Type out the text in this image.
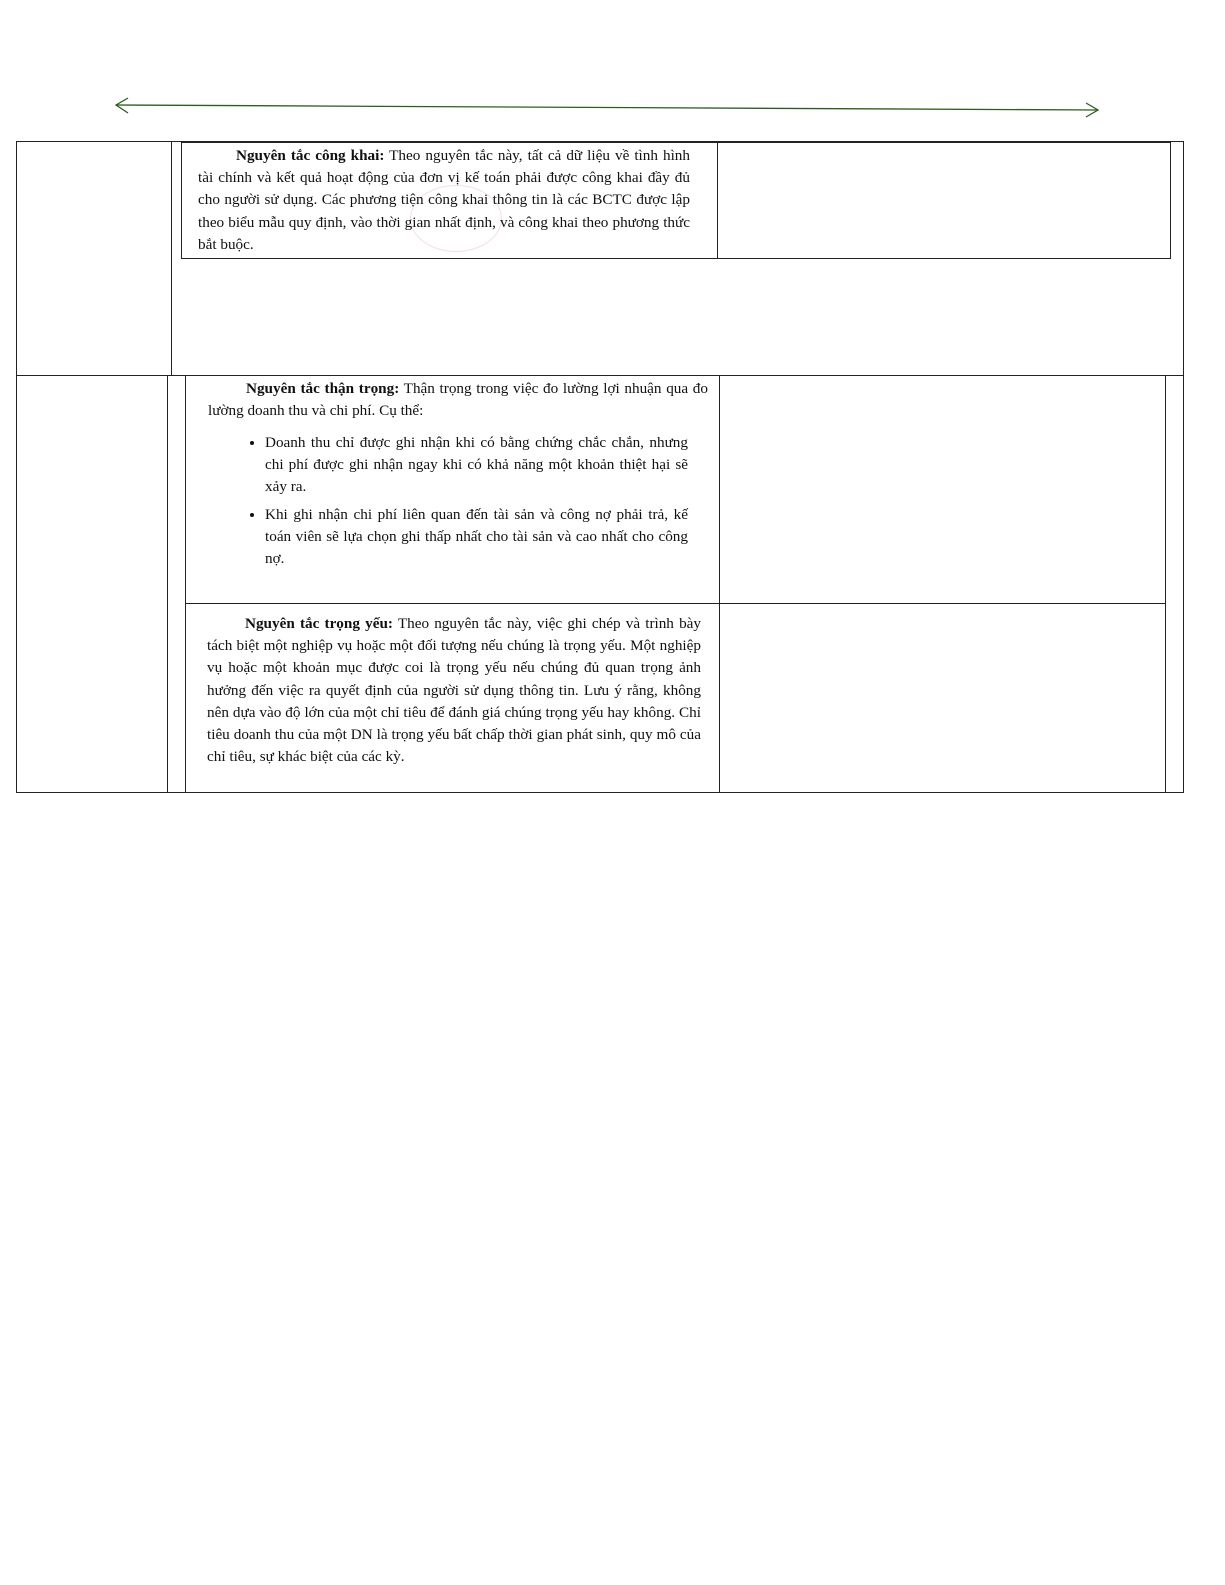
Nguyên tắc công khai: Theo nguyên tắc này, tất cả dữ liệu về tình hình tài chính và kết quả hoạt động của đơn vị kế toán phải được công khai đầy đủ cho người sử dụng. Các phương tiện công khai thông tin là các BCTC được lập theo biểu mẫu quy định, vào thời gian nhất định, và công khai theo phương thức bắt buộc.

Nguyên tắc thận trọng: Thận trọng trong việc đo lường lợi nhuận qua đo lường doanh thu và chi phí. Cụ thể:

• Doanh thu chỉ được ghi nhận khi có bằng chứng chắc chắn, nhưng chi phí được ghi nhận ngay khi có khả năng một khoản thiệt hại sẽ xảy ra.
• Khi ghi nhận chi phí liên quan đến tài sản và công nợ phải trả, kế toán viên sẽ lựa chọn ghi thấp nhất cho tài sản và cao nhất cho công nợ.

Nguyên tắc trọng yếu: Theo nguyên tắc này, việc ghi chép và trình bày tách biệt một nghiệp vụ hoặc một đối tượng nếu chúng là trọng yếu. Một nghiệp vụ hoặc một khoản mục được coi là trọng yếu nếu chúng đủ quan trọng ảnh hưởng đến việc ra quyết định của người sử dụng thông tin. Lưu ý rằng, không nên dựa vào độ lớn của một chỉ tiêu để đánh giá chúng trọng yếu hay không. Chỉ tiêu doanh thu của một DN là trọng yếu bất chấp thời gian phát sinh, quy mô của chỉ tiêu, sự khác biệt của các kỳ.
